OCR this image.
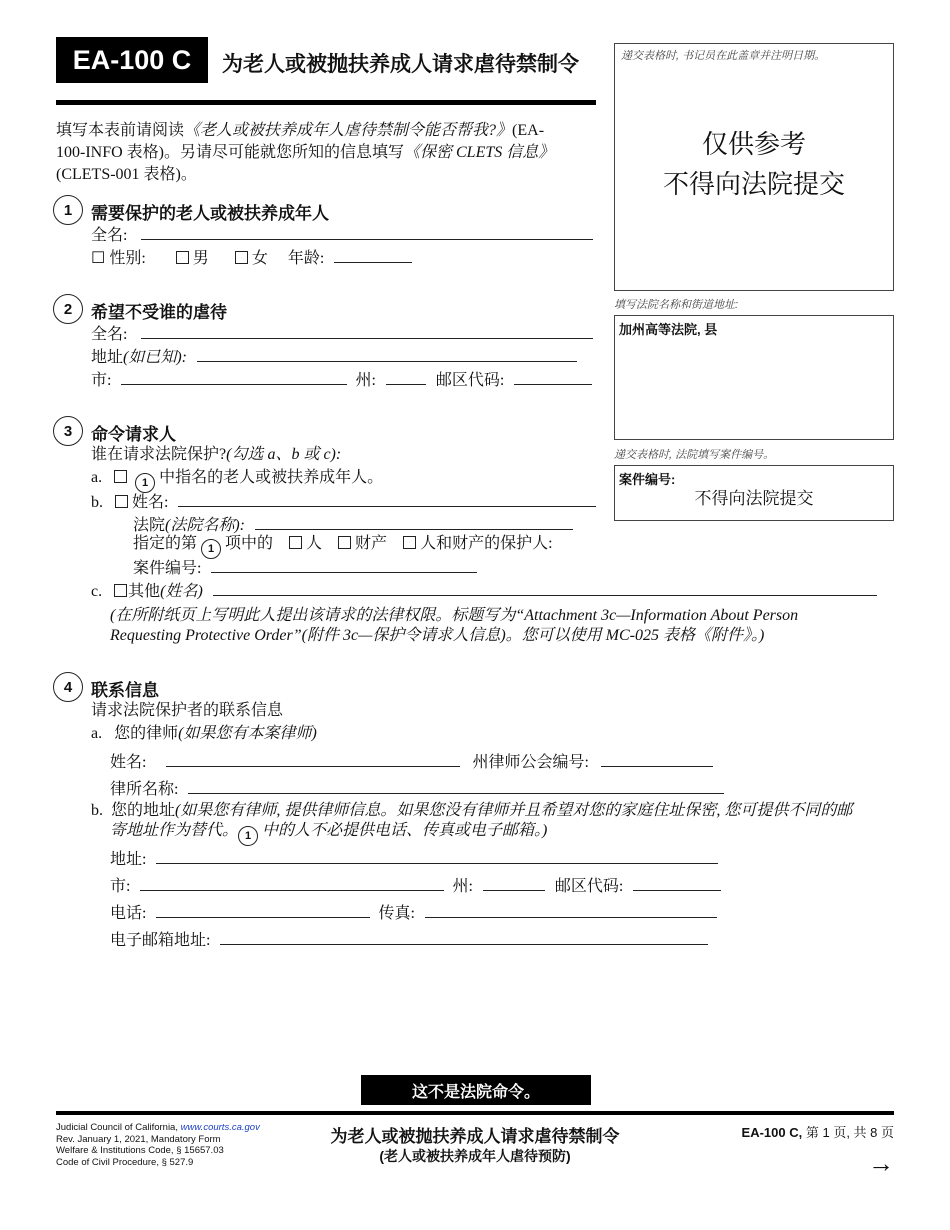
EA-100 C	为老人或被抛扶养成人请求虐待禁制令
填写本表前请阅读《老人或被扶养成年人虐待禁制令能否帮我?》(EA-
100-INFO 表格)。另请尽可能就您所知的信息填写《保密 CLETS 信息》
(CLETS-001 表格)。
递交表格时, 书记员在此盖章并注明日期。
仅供参考
不得向法院提交
填写法院名称和街道地址:
加州高等法院, 县
递交表格时, 法院填写案件编号。
案件编号:
不得向法院提交
1	需要保护的老人或被扶养成年人
全名:
☐ 性别:	男	女 年龄:
2	希望不受谁的虐待
全名:
地址(如已知):
市:	州:	邮区代码:
3	命令请求人
谁在请求法院保护?(勾选 a、b 或 c):
a.	1 中指名的老人或被扶养成年人。
b. 姓名:
法院(法院名称):
指定的第 1 项中的 人 财产 人和财产的保护人:
案件编号:
c. 其他(姓名)
(在所附纸页上写明此人提出该请求的法律权限。标题写为“Attachment 3c—Information About Person
Requesting Protective Order”(附件 3c—保护令请求人信息)。您可以使用 MC-025 表格《附件》。)
4	联系信息
请求法院保护者的联系信息
a. 您的律师(如果您有本案律师)
姓名:	州律师公会编号:
律所名称:
b. 您的地址(如果您有律师, 提供律师信息。如果您没有律师并且希望对您的家庭住址保密, 您可提供不同的邮
寄地址作为替代。 1 中的人不必提供电话、传真或电子邮箱。)
地址:
市:	州:	邮区代码:
电话:	传真:
电子邮箱地址:
这不是法院命令。
Judicial Council of California, www.courts.ca.gov
Rev. January 1, 2021, Mandatory Form
Welfare & Institutions Code, § 15657.03
Code of Civil Procedure, § 527.9
为老人或被抛扶养成人请求虐待禁制令
(老人或被扶养成年人虐待预防)
EA-100 C, 第 1 页, 共 8 页
→
